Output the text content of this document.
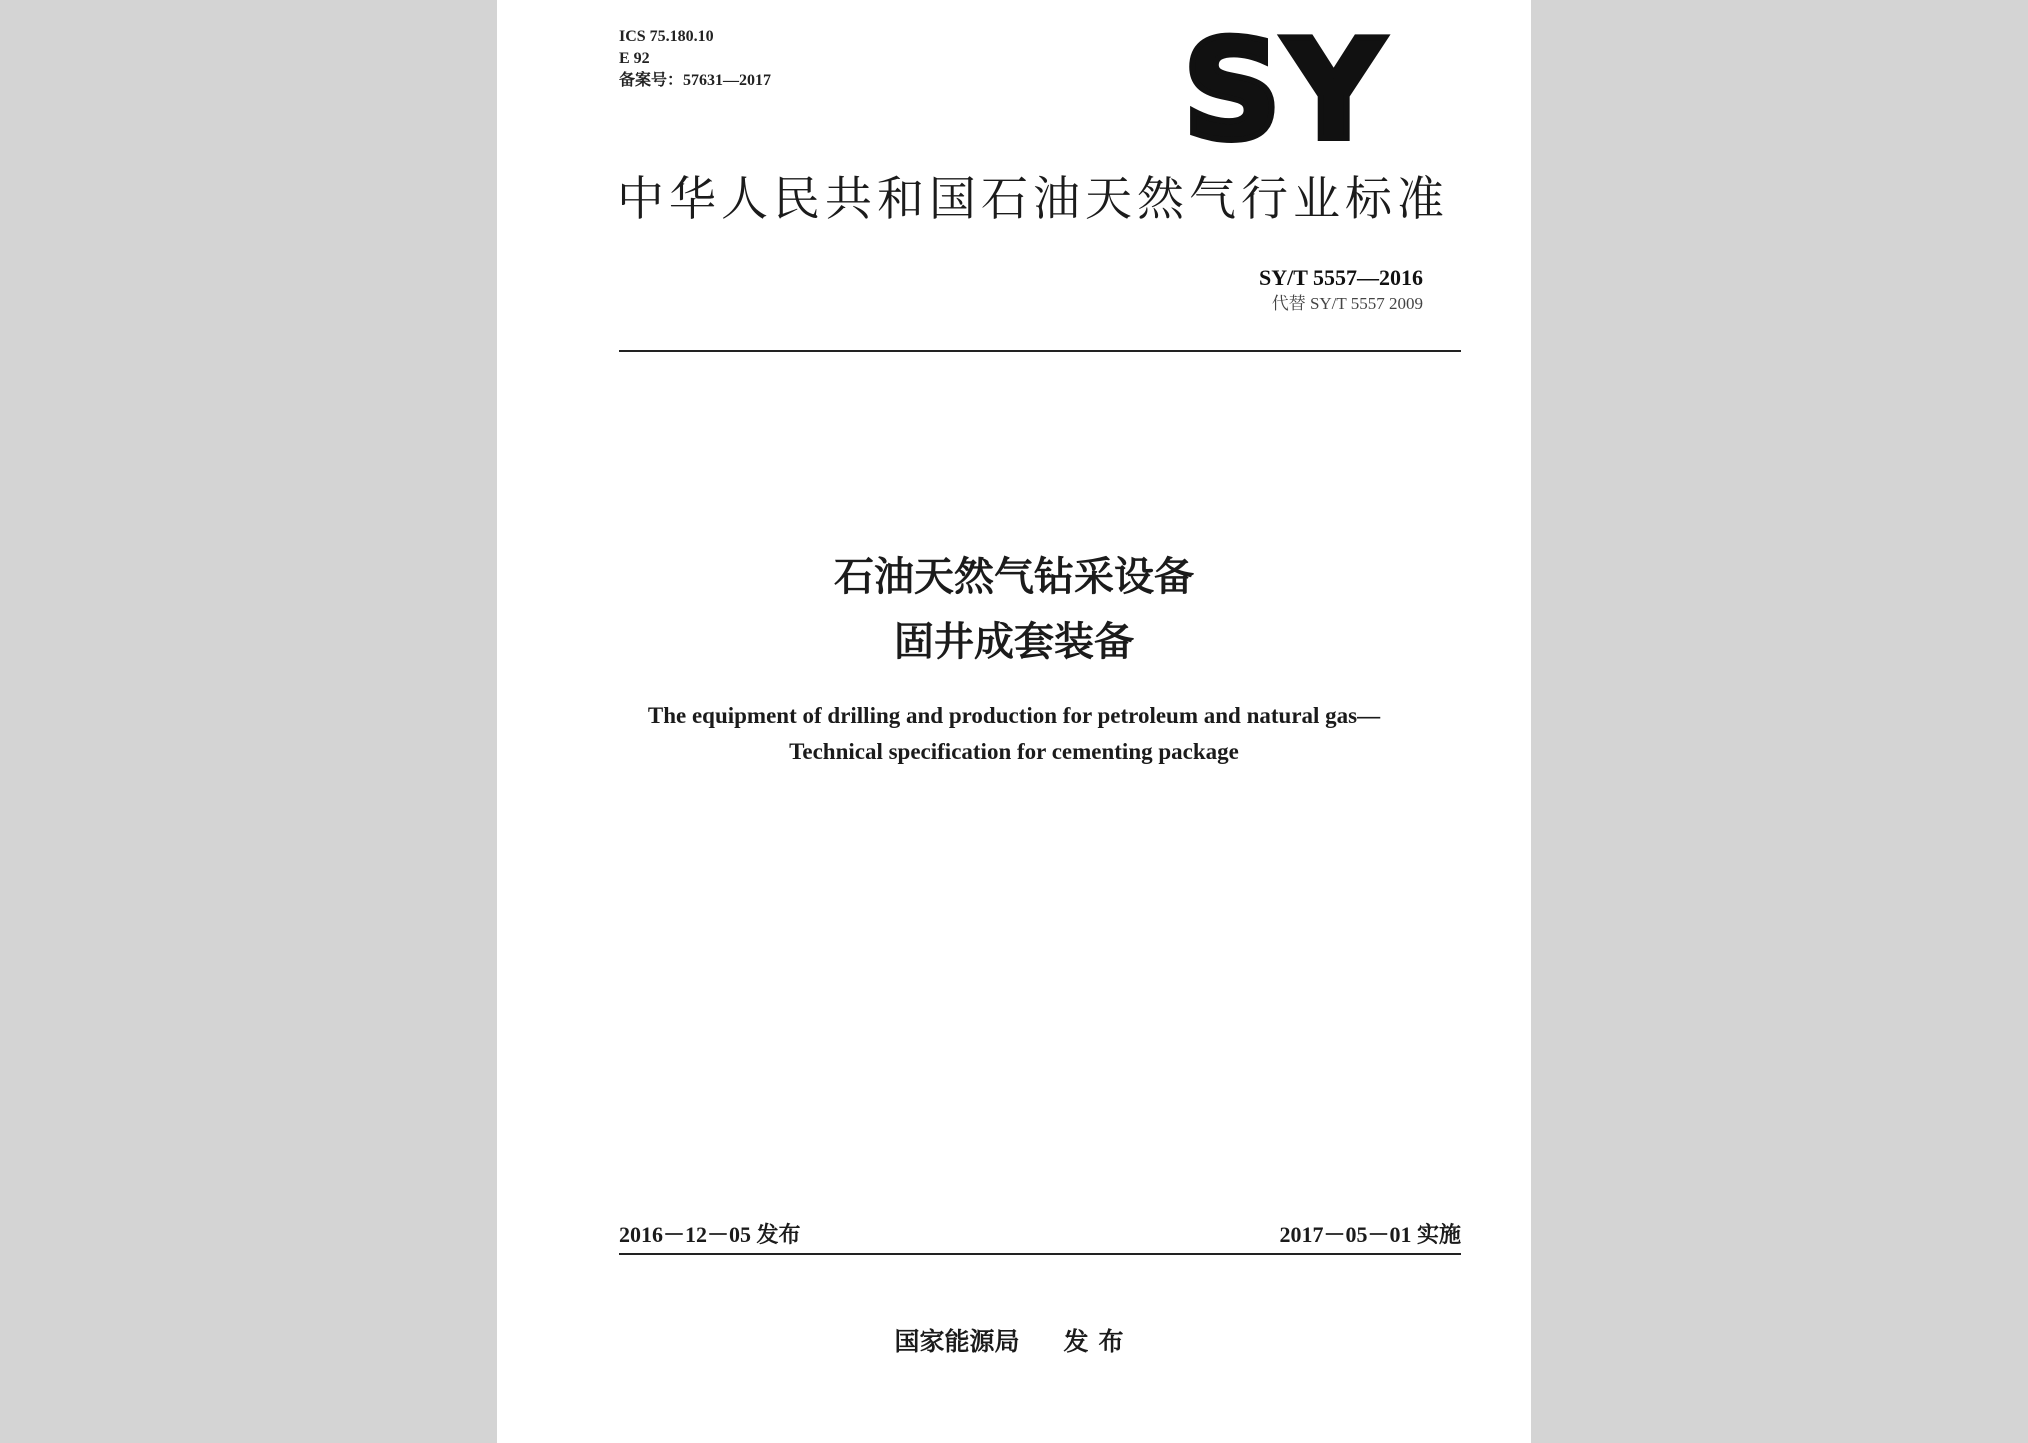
ICS 75.180.10
E 92
备案号：57631—2017	SY
中华人民共和国石油天然气行业标准
SY/T 5557—2016
代替 SY/T 5557 2009
石油天然气钻采设备
固井成套装备
The equipment of drilling and production for petroleum and natural gas—
Technical specification for cementing package
2016－12－05 发布	2017－05－01 实施
国家能源局 发布
